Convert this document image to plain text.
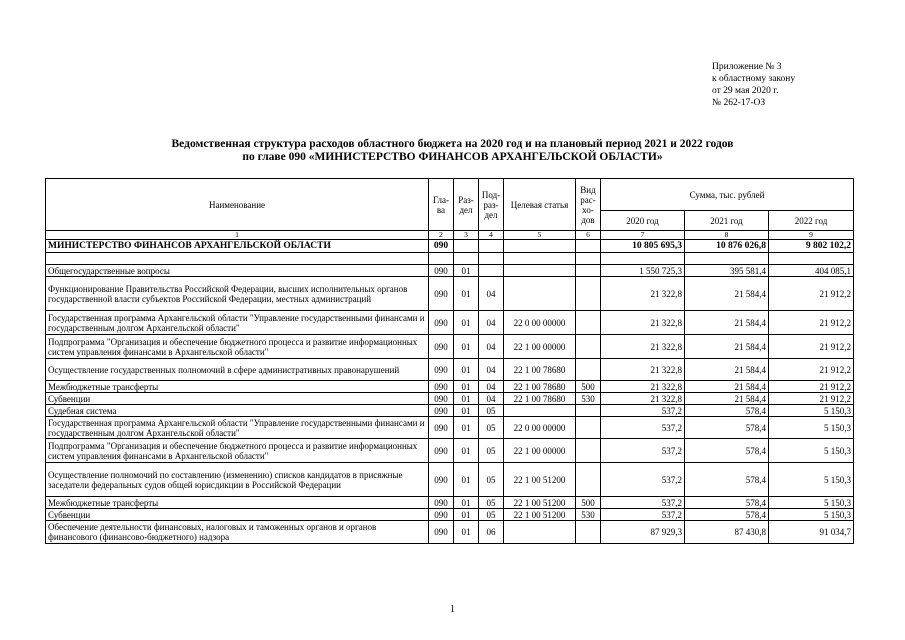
Приложение № 3
к областному закону
от 29 мая 2020 г.
№ 262-17-ОЗ
Ведомственная структура расходов областного бюджета на 2020 год и на плановый период 2021 и 2022 годов
по главе 090 «МИНИСТЕРСТВО ФИНАНСОВ АРХАНГЕЛЬСКОЙ ОБЛАСТИ»
Наименование	Гла-ва	Раз-дел	Под-раз-дел	Целевая статья	Вид рас-хо-дов	Сумма, тыс. рублей		
						2020 год	2021 год	2022 год
1	2	3	4	5	6	7	8	9
МИНИСТЕРСТВО ФИНАНСОВ АРХАНГЕЛЬСКОЙ ОБЛАСТИ	090					10 805 695,3	10 876 026,8	9 802 102,2

Общегосударственные вопросы	090	01				1 550 725,3	395 581,4	404 085,1
Функционирование Правительства Российской Федерации, высших исполнительных органов государственной власти субъектов Российской Федерации, местных администраций	090	01	04			21 322,8	21 584,4	21 912,2
Государственная программа Архангельской области "Управление государственными финансами и государственным долгом Архангельской области"	090	01	04	22 0 00 00000		21 322,8	21 584,4	21 912,2
Подпрограмма "Организация и обеспечение бюджетного процесса и развитие информационных систем управления финансами в Архангельской области"	090	01	04	22 1 00 00000		21 322,8	21 584,4	21 912,2
Осуществление государственных полномочий в сфере административных правонарушений	090	01	04	22 1 00 78680		21 322,8	21 584,4	21 912,2
Межбюджетные трансферты	090	01	04	22 1 00 78680	500	21 322,8	21 584,4	21 912,2
Субвенции	090	01	04	22 1 00 78680	530	21 322,8	21 584,4	21 912,2
Судебная система	090	01	05			537,2	578,4	5 150,3
Государственная программа Архангельской области "Управление государственными финансами и государственным долгом Архангельской области"	090	01	05	22 0 00 00000		537,2	578,4	5 150,3
Подпрограмма "Организация и обеспечение бюджетного процесса и развитие информационных систем управления финансами в Архангельской области"	090	01	05	22 1 00 00000		537,2	578,4	5 150,3
Осуществление полномочий по составлению (изменению) списков кандидатов в присяжные заседатели федеральных судов общей юрисдикции в Российской Федерации	090	01	05	22 1 00 51200		537,2	578,4	5 150,3
Межбюджетные трансферты	090	01	05	22 1 00 51200	500	537,2	578,4	5 150,3
Субвенции	090	01	05	22 1 00 51200	530	537,2	578,4	5 150,3
Обеспечение деятельности финансовых, налоговых и таможенных органов и органов финансового (финансово-бюджетного) надзора	090	01	06			87 929,3	87 430,8	91 034,7
1
